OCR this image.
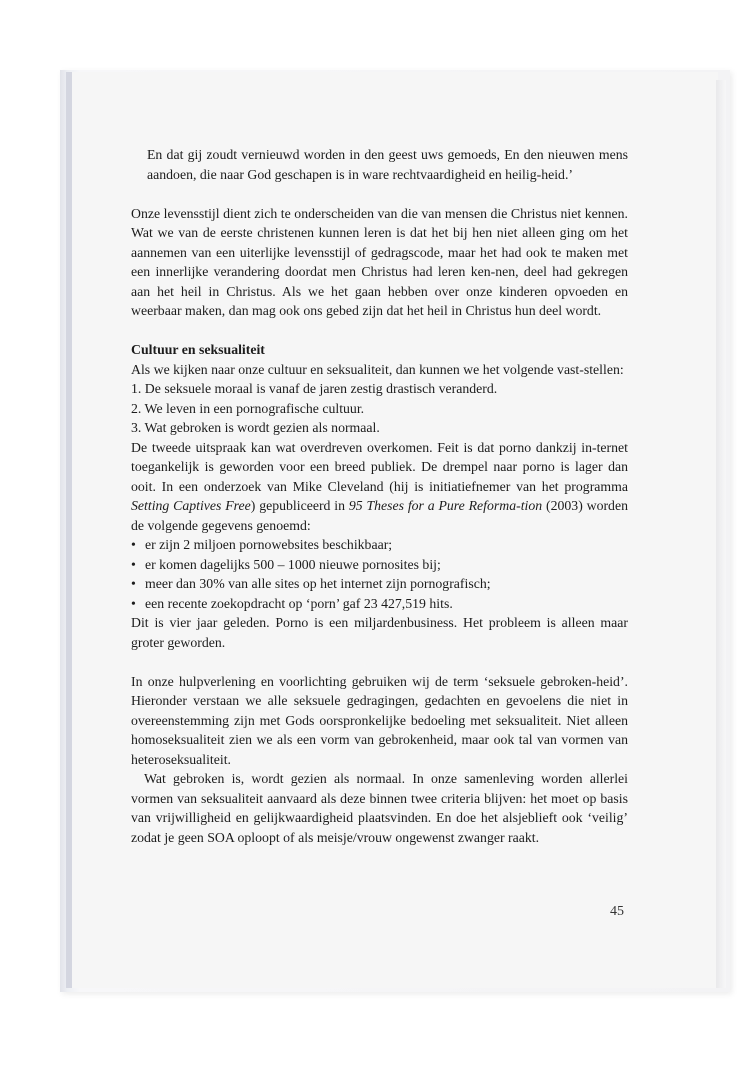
En dat gij zoudt vernieuwd worden in den geest uws gemoeds, En den nieuwen mens aandoen, die naar God geschapen is in ware rechtvaardigheid en heilig-heid.’

Onze levensstijl dient zich te onderscheiden van die van mensen die Christus niet kennen. Wat we van de eerste christenen kunnen leren is dat het bij hen niet alleen ging om het aannemen van een uiterlijke levensstijl of gedragscode, maar het had ook te maken met een innerlijke verandering doordat men Christus had leren ken-nen, deel had gekregen aan het heil in Christus. Als we het gaan hebben over onze kinderen opvoeden en weerbaar maken, dan mag ook ons gebed zijn dat het heil in Christus hun deel wordt.

Cultuur en seksualiteit

Als we kijken naar onze cultuur en seksualiteit, dan kunnen we het volgende vast-stellen:

1. De seksuele moraal is vanaf de jaren zestig drastisch veranderd.

2. We leven in een pornografische cultuur.

3. Wat gebroken is wordt gezien als normaal.

De tweede uitspraak kan wat overdreven overkomen. Feit is dat porno dankzij in-ternet toegankelijk is geworden voor een breed publiek. De drempel naar porno is lager dan ooit. In een onderzoek van Mike Cleveland (hij is initiatiefnemer van het programma Setting Captives Free) gepubliceerd in 95 Theses for a Pure Reforma-tion (2003) worden de volgende gegevens genoemd:

• er zijn 2 miljoen pornowebsites beschikbaar;
• er komen dagelijks 500 – 1000 nieuwe pornosites bij;
• meer dan 30% van alle sites op het internet zijn pornografisch;
• een recente zoekopdracht op ‘porn’ gaf 23 427,519 hits.

Dit is vier jaar geleden. Porno is een miljardenbusiness. Het probleem is alleen maar groter geworden.

In onze hulpverlening en voorlichting gebruiken wij de term ‘seksuele gebroken-heid’. Hieronder verstaan we alle seksuele gedragingen, gedachten en gevoelens die niet in overeenstemming zijn met Gods oorspronkelijke bedoeling met seksualiteit. Niet alleen homoseksualiteit zien we als een vorm van gebrokenheid, maar ook tal van vormen van heteroseksualiteit.

Wat gebroken is, wordt gezien als normaal. In onze samenleving worden allerlei vormen van seksualiteit aanvaard als deze binnen twee criteria blijven: het moet op basis van vrijwilligheid en gelijkwaardigheid plaatsvinden. En doe het alsjeblieft ook ‘veilig’ zodat je geen SOA oploopt of als meisje/vrouw ongewenst zwanger raakt.

45
